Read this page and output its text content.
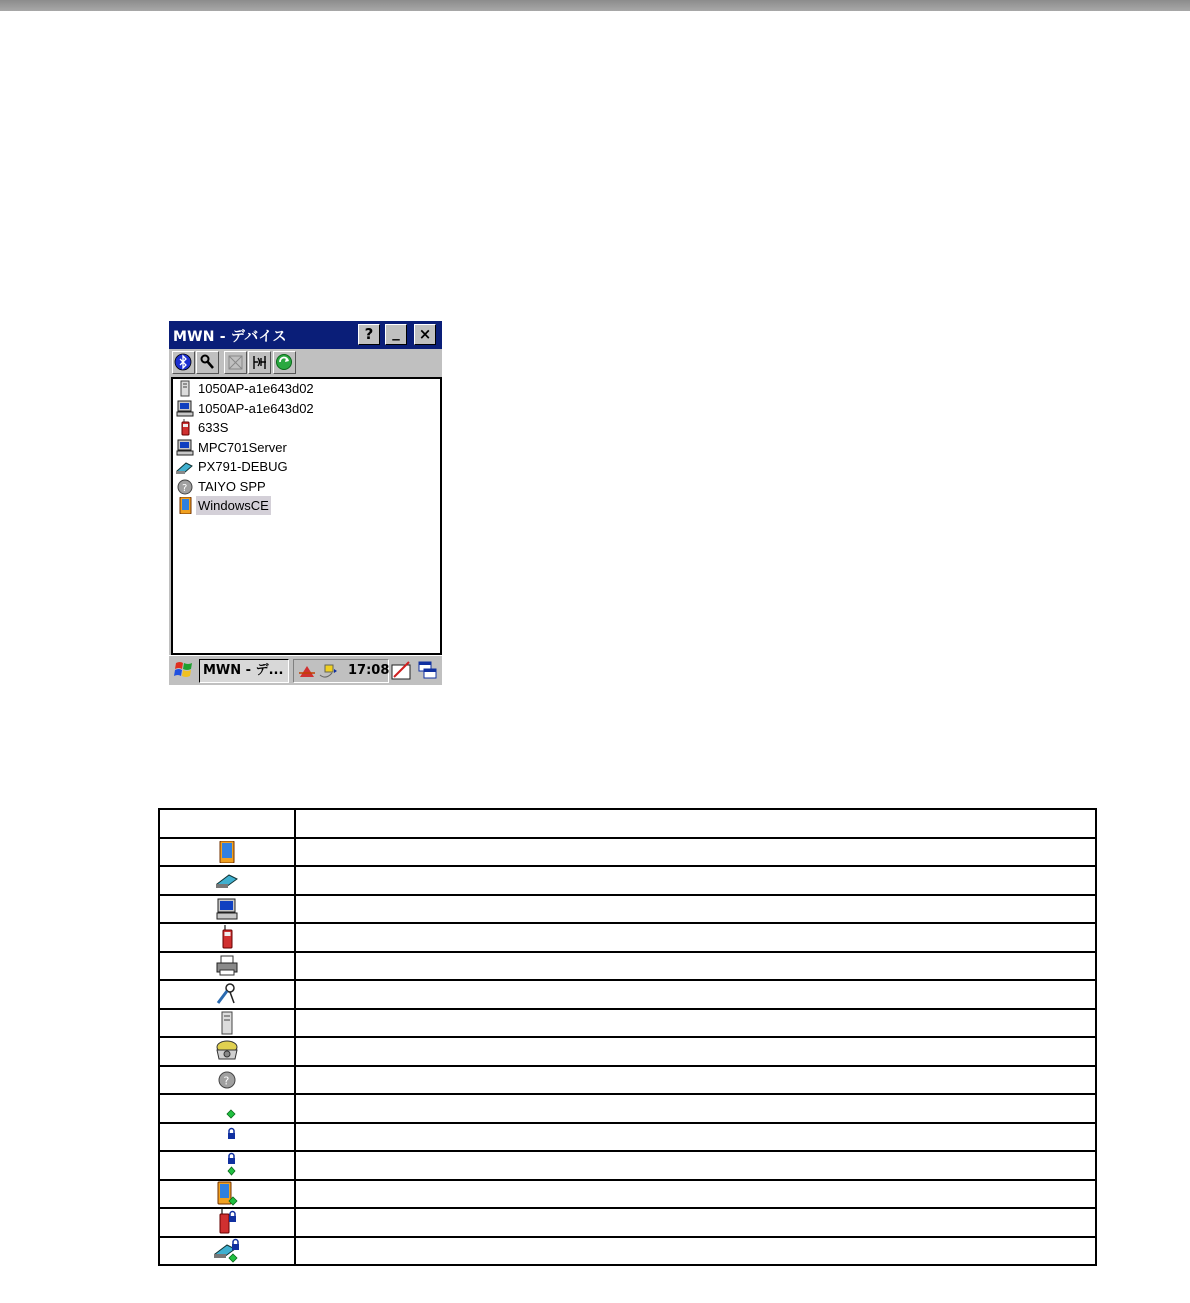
MWN - デバイス	?	_	×
1050AP-a1e643d02
1050AP-a1e643d02
633S
MPC701Server
PX791-DEBUG
? TAIYO SPP
WindowsCE
MWN - デ...	17:08

?	
